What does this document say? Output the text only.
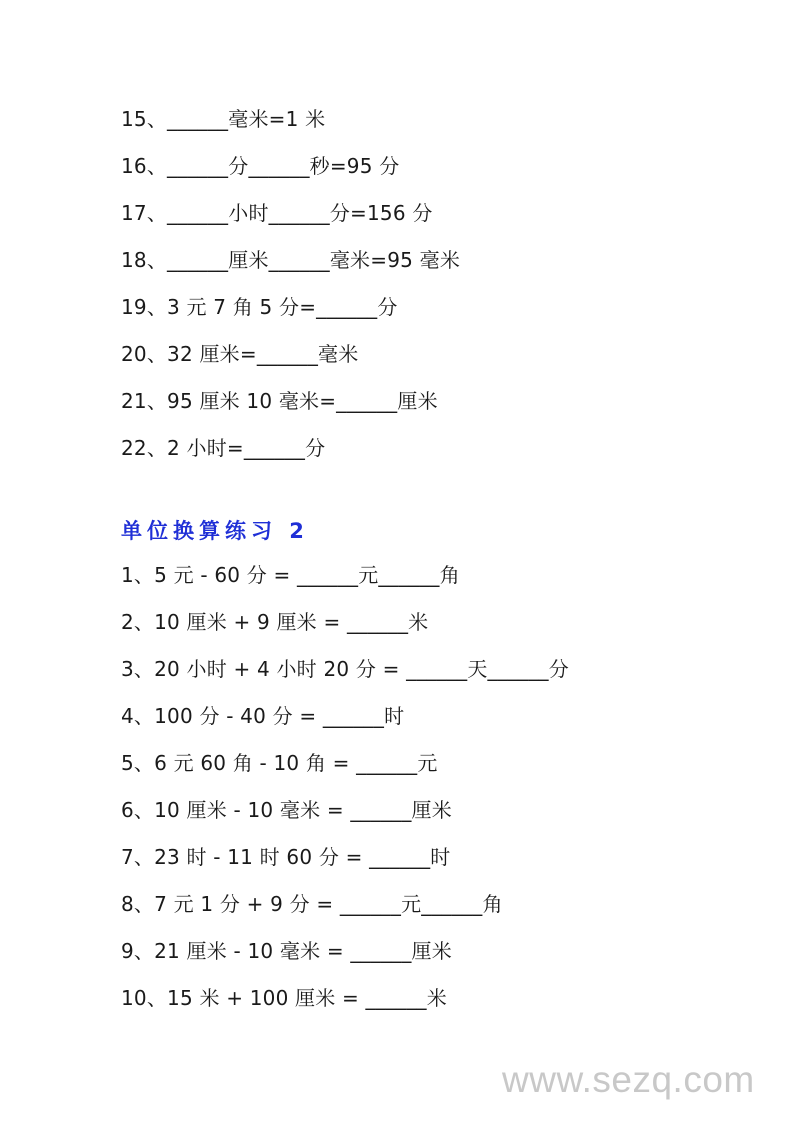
15、______毫米=1 米
16、______分______秒=95 分
17、______小时______分=156 分
18、______厘米______毫米=95 毫米
19、3 元 7 角 5 分=______分
20、32 厘米=______毫米
21、95 厘米 10 毫米=______厘米
22、2 小时=______分
单位换算练习 2
1、5 元 - 60 分 = ______元______角
2、10 厘米 + 9 厘米 = ______米
3、20 小时 + 4 小时 20 分 = ______天______分
4、100 分 - 40 分 = ______时
5、6 元 60 角 - 10 角 = ______元
6、10 厘米 - 10 毫米 = ______厘米
7、23 时 - 11 时 60 分 = ______时
8、7 元 1 分 + 9 分 = ______元______角
9、21 厘米 - 10 毫米 = ______厘米
10、15 米 + 100 厘米 = ______米
www.sezq.com
